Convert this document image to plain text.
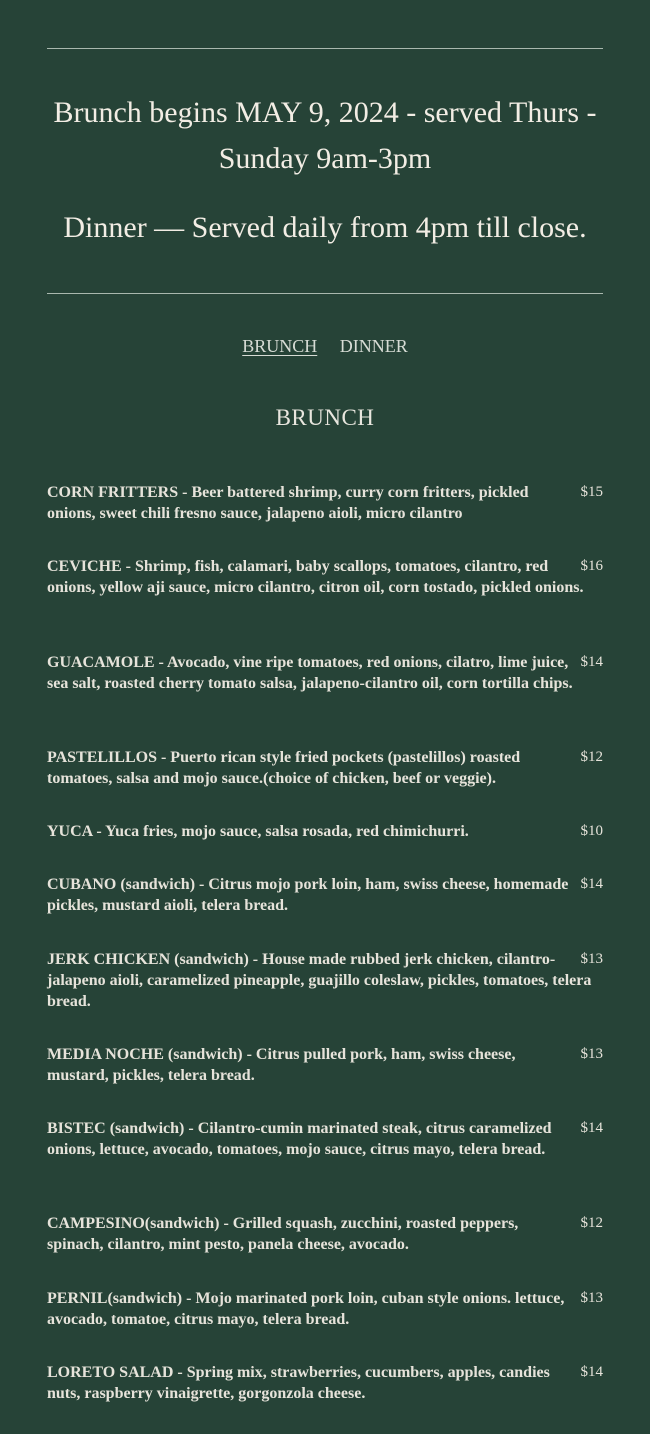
Brunch begins MAY 9, 2024 - served Thurs - Sunday 9am-3pm
Dinner — Served daily from 4pm till close.
BRUNCH DINNER
BRUNCH
$15
CORN FRITTERS - Beer battered shrimp, curry corn fritters, pickled onions, sweet chili fresno sauce, jalapeno aioli, micro cilantro
$16
CEVICHE - Shrimp, fish, calamari, baby scallops, tomatoes, cilantro, red onions, yellow aji sauce, micro cilantro, citron oil, corn tostado, pickled onions.
$14
GUACAMOLE - Avocado, vine ripe tomatoes, red onions, cilatro, lime juice, sea salt, roasted cherry tomato salsa, jalapeno-cilantro oil, corn tortilla chips.
$12
PASTELILLOS - Puerto rican style fried pockets (pastelillos) roasted tomatoes, salsa and mojo sauce.(choice of chicken, beef or veggie).
$10
YUCA - Yuca fries, mojo sauce, salsa rosada, red chimichurri.
$14
CUBANO (sandwich) - Citrus mojo pork loin, ham, swiss cheese, homemade pickles, mustard aioli, telera bread.
$13
JERK CHICKEN (sandwich) - House made rubbed jerk chicken, cilantro-jalapeno aioli, caramelized pineapple, guajillo coleslaw, pickles, tomatoes, telera bread.
$13
MEDIA NOCHE (sandwich) - Citrus pulled pork, ham, swiss cheese, mustard, pickles, telera bread.
$14
BISTEC (sandwich) - Cilantro-cumin marinated steak, citrus caramelized onions, lettuce, avocado, tomatoes, mojo sauce, citrus mayo, telera bread.
$12
CAMPESINO(sandwich) - Grilled squash, zucchini, roasted peppers, spinach, cilantro, mint pesto, panela cheese, avocado.
$13
PERNIL(sandwich) - Mojo marinated pork loin, cuban style onions. lettuce, avocado, tomatoe, citrus mayo, telera bread.
$14
LORETO SALAD - Spring mix, strawberries, cucumbers, apples, candies nuts, raspberry vinaigrette, gorgonzola cheese.
